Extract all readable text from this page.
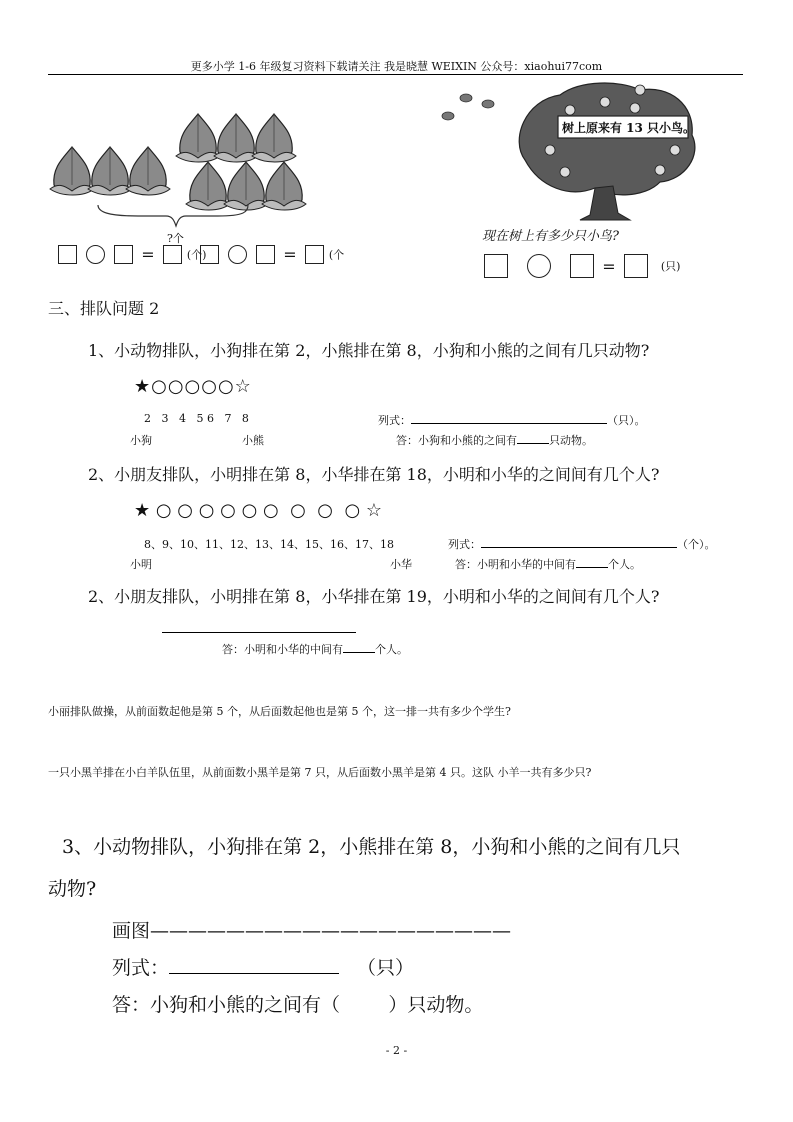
更多小学 1-6 年级复习资料下载请关注 我是晓慧 WEIXIN 公众号：xiaohui77com
?个
=	(个)	=	(个
树上原来有 13 只小鸟。
现在树上有多少只小鸟?
=	(只)
三、排队问题 2
1、小动物排队，小狗排在第 2，小熊排在第 8，小狗和小熊的之间有几只动物?
★○○○○○☆
2   3   4   5 6   7   8
小狗	小熊
列式：	（只）。
答：小狗和小熊的之间有	只动物。
2、小朋友排队，小明排在第 8，小华排在第 18，小明和小华的之间间有几个人?
★ ○ ○ ○ ○ ○ ○  ○  ○  ○ ☆
8、9、10、11、12、13、14、15、16、17、18
小明	小华
列式：	（个）。
答：小明和小华的中间有	个人。
2、小朋友排队，小明排在第 8，小华排在第 19，小明和小华的之间间有几个人?
答：小明和小华的中间有	个人。
小丽排队做操，从前面数起他是第 5 个，从后面数起他也是第 5 个，这一排一共有多少个学生?
一只小黑羊排在小白羊队伍里，从前面数小黑羊是第 7 只，从后面数小黑羊是第 4 只。这队 小羊一共有多少只?
3、小动物排队，小狗排在第 2，小熊排在第 8，小狗和小熊的之间有几只
动物?
画图———————————————————
列式：	（只）
答：小狗和小熊的之间有（        ）只动物。
- 2 -
